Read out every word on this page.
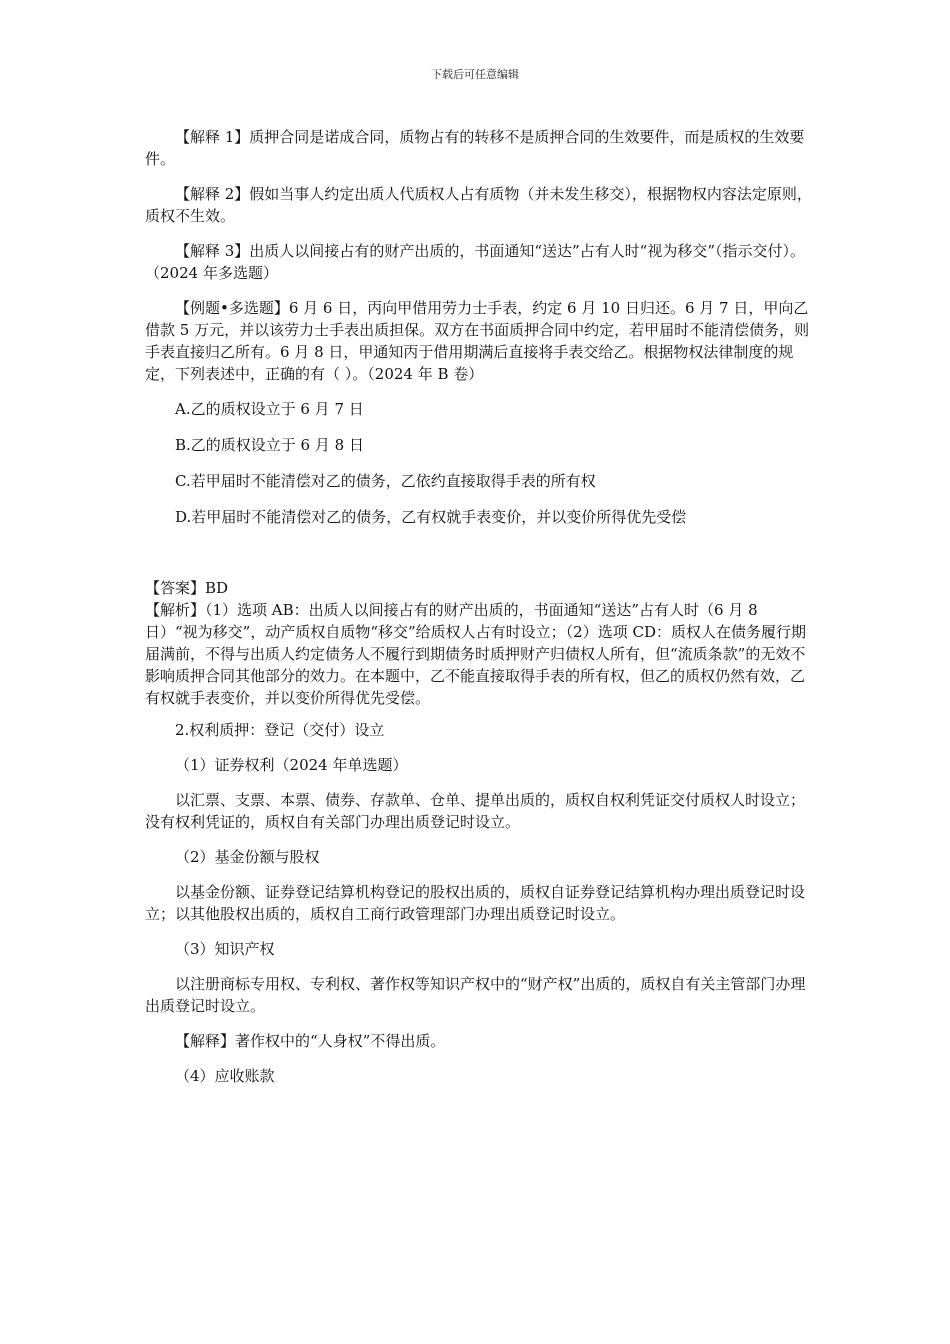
下载后可任意编辑

【解释 1】质押合同是诺成合同，质物占有的转移不是质押合同的生效要件，而是质权的生效要件。

【解释 2】假如当事人约定出质人代质权人占有质物（并未发生移交），根据物权内容法定原则，质权不生效。

【解释 3】出质人以间接占有的财产出质的，书面通知“送达”占有人时“视为移交”（指示交付）。（2024 年多选题）

【例题•多选题】6 月 6 日，丙向甲借用劳力士手表，约定 6 月 10 日归还。6 月 7 日，甲向乙借款 5 万元，并以该劳力士手表出质担保。双方在书面质押合同中约定，若甲届时不能清偿债务，则手表直接归乙所有。6 月 8 日，甲通知丙于借用期满后直接将手表交给乙。根据物权法律制度的规定，下列表述中，正确的有（ ）。（2024 年 B 卷）

A.乙的质权设立于 6 月 7 日

B.乙的质权设立于 6 月 8 日

C.若甲届时不能清偿对乙的债务，乙依约直接取得手表的所有权

D.若甲届时不能清偿对乙的债务，乙有权就手表变价，并以变价所得优先受偿

【答案】BD

【解析】（1）选项 AB：出质人以间接占有的财产出质的，书面通知“送达”占有人时（6 月 8 日）“视为移交”，动产质权自质物“移交”给质权人占有时设立；（2）选项 CD：质权人在债务履行期届满前，不得与出质人约定债务人不履行到期债务时质押财产归债权人所有，但“流质条款”的无效不影响质押合同其他部分的效力。在本题中，乙不能直接取得手表的所有权，但乙的质权仍然有效，乙有权就手表变价，并以变价所得优先受偿。

2.权利质押：登记（交付）设立

（1）证券权利（2024 年单选题）

以汇票、支票、本票、债券、存款单、仓单、提单出质的，质权自权利凭证交付质权人时设立；没有权利凭证的，质权自有关部门办理出质登记时设立。

（2）基金份额与股权

以基金份额、证券登记结算机构登记的股权出质的，质权自证券登记结算机构办理出质登记时设立；以其他股权出质的，质权自工商行政管理部门办理出质登记时设立。

（3）知识产权

以注册商标专用权、专利权、著作权等知识产权中的“财产权”出质的，质权自有关主管部门办理出质登记时设立。

【解释】著作权中的“人身权”不得出质。

（4）应收账款
